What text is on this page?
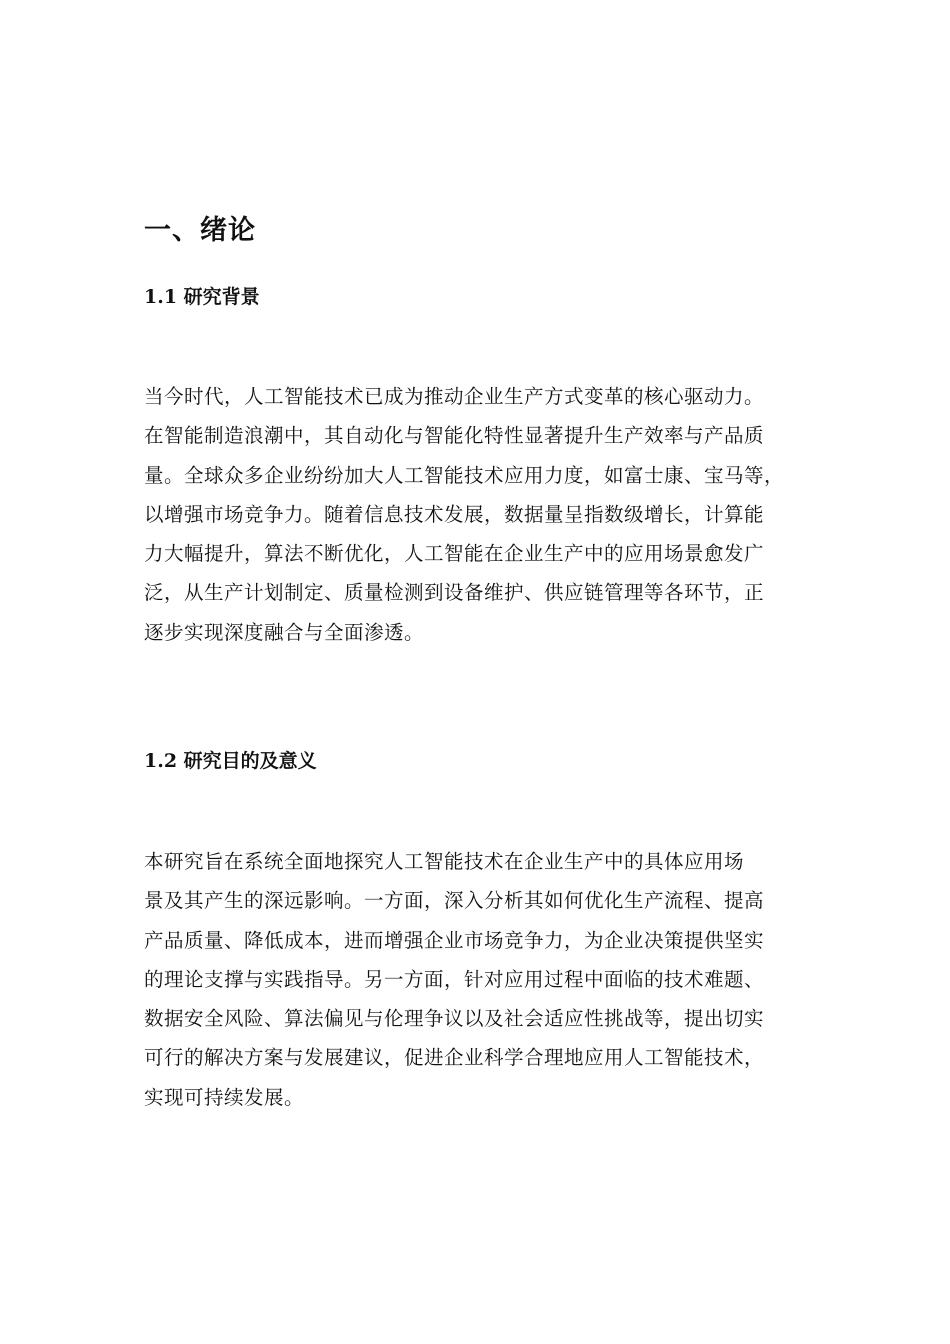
一、绪论
1.1 研究背景
当今时代，人工智能技术已成为推动企业生产方式变革的核心驱动力。
在智能制造浪潮中，其自动化与智能化特性显著提升生产效率与产品质
量。全球众多企业纷纷加大人工智能技术应用力度，如富士康、宝马等，
以增强市场竞争力。随着信息技术发展，数据量呈指数级增长，计算能
力大幅提升，算法不断优化，人工智能在企业生产中的应用场景愈发广
泛，从生产计划制定、质量检测到设备维护、供应链管理等各环节，正
逐步实现深度融合与全面渗透。
1.2 研究目的及意义
本研究旨在系统全面地探究人工智能技术在企业生产中的具体应用场
景及其产生的深远影响。一方面，深入分析其如何优化生产流程、提高
产品质量、降低成本，进而增强企业市场竞争力，为企业决策提供坚实
的理论支撑与实践指导。另一方面，针对应用过程中面临的技术难题、
数据安全风险、算法偏见与伦理争议以及社会适应性挑战等，提出切实
可行的解决方案与发展建议，促进企业科学合理地应用人工智能技术，
实现可持续发展。
